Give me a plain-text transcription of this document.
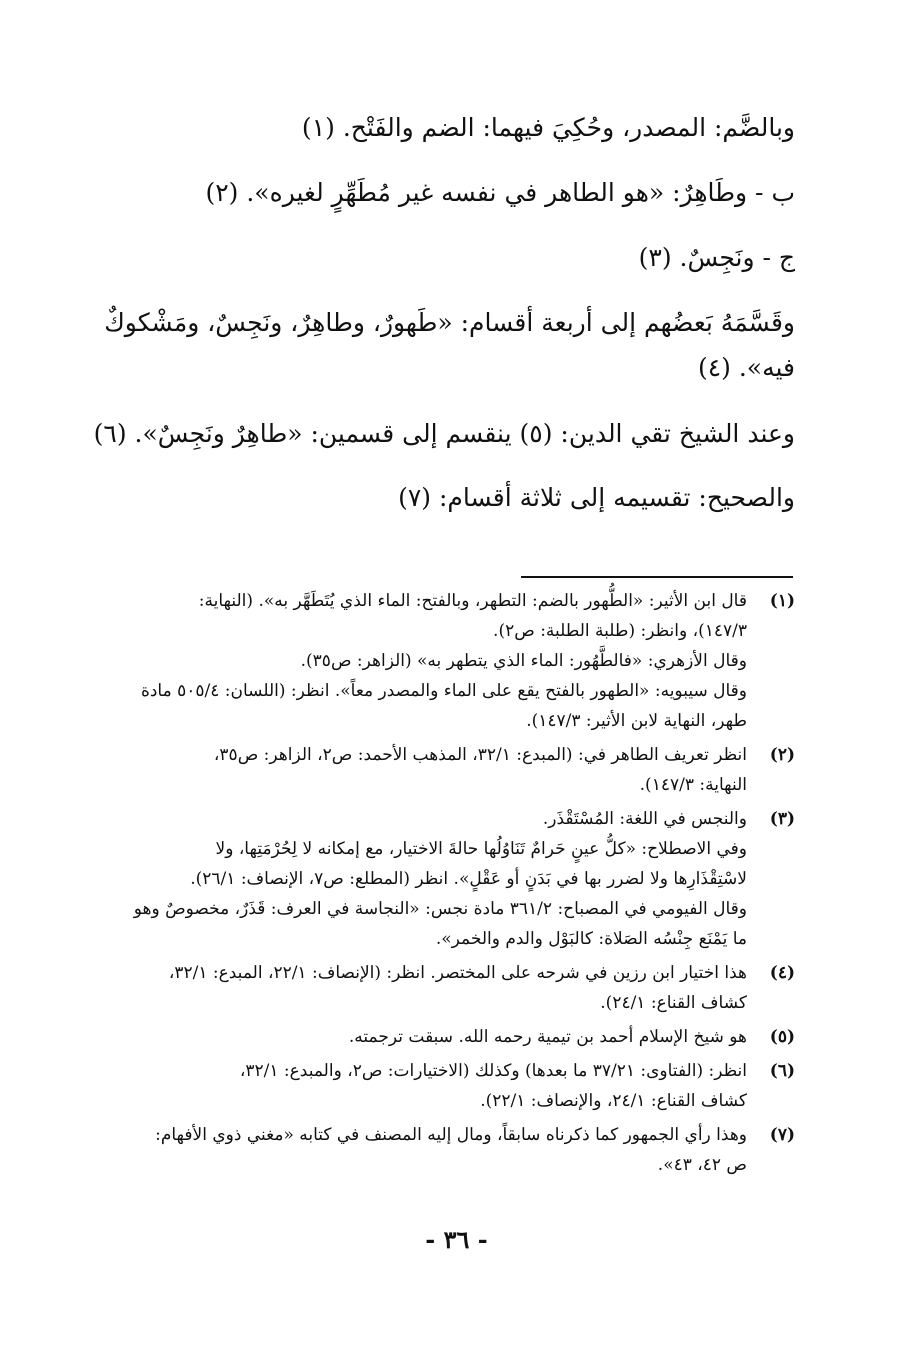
وبالضَّم: المصدر، وحُكِيَ فيهما: الضم والفَتْح. (١)
ب - وطَاهِرٌ: «هو الطاهر في نفسه غير مُطَهِّرٍ لغيره». (٢)
ج - ونَجِسٌ. (٣)
وقَسَّمَهُ بَعضُهم إلى أربعة أقسام: «طَهورٌ، وطاهِرٌ، ونَجِسٌ، ومَشْكوكٌ
فيه». (٤)
وعند الشيخ تقي الدين: (٥) ينقسم إلى قسمين: «طاهِرٌ ونَجِسٌ». (٦)
والصحيح: تقسيمه إلى ثلاثة أقسام: (٧)
(١)
قال ابن الأثير: «الطُّهور بالضم: التطهر، وبالفتح: الماء الذي يُتَطَهَّر به». (النهاية:
١٤٧/٣)، وانظر: (طلبة الطلبة: ص٢).
وقال الأزهري: «فالطَّهُور: الماء الذي يتطهر به» (الزاهر: ص٣٥).
وقال سيبويه: «الطهور بالفتح يقع على الماء والمصدر معاً». انظر: (اللسان: ٥٠٥/٤ مادة
طهر، النهاية لابن الأثير: ١٤٧/٣).
(٢)
انظر تعريف الطاهر في: (المبدع: ٣٢/١، المذهب الأحمد: ص٢، الزاهر: ص٣٥،
النهاية: ١٤٧/٣).
(٣)
والنجس في اللغة: المُسْتَقْذَر.
وفي الاصطلاح: «كلُّ عينٍ حَرامٌ تَنَاوُلُها حالةَ الاختيار، مع إمكانه لا لِحُرْمَتِها، ولا
لاسْتِقْذَارِها ولا لضرر بها في بَدَنٍ أو عَقْلٍ». انظر (المطلع: ص٧، الإنصاف: ٢٦/١).
وقال الفيومي في المصباح: ٣٦١/٢ مادة نجس: «النجاسة في العرف: قَذَرٌ، مخصوصٌ وهو
ما يَمْنَع جِنْسُه الصَلاة: كالبَوْل والدم والخمر».
(٤)
هذا اختيار ابن رزين في شرحه على المختصر. انظر: (الإنصاف: ٢٢/١، المبدع: ٣٢/١،
كشاف القناع: ٢٤/١).
(٥)
هو شيخ الإسلام أحمد بن تيمية رحمه الله. سبقت ترجمته.
(٦)
انظر: (الفتاوى: ٣٧/٢١ ما بعدها) وكذلك (الاختيارات: ص٢، والمبدع: ٣٢/١،
كشاف القناع: ٢٤/١، والإنصاف: ٢٢/١).
(٧)
وهذا رأي الجمهور كما ذكرناه سابقاً، ومال إليه المصنف في كتابه «مغني ذوي الأفهام:
ص ٤٢، ٤٣».
- ٣٦ -
